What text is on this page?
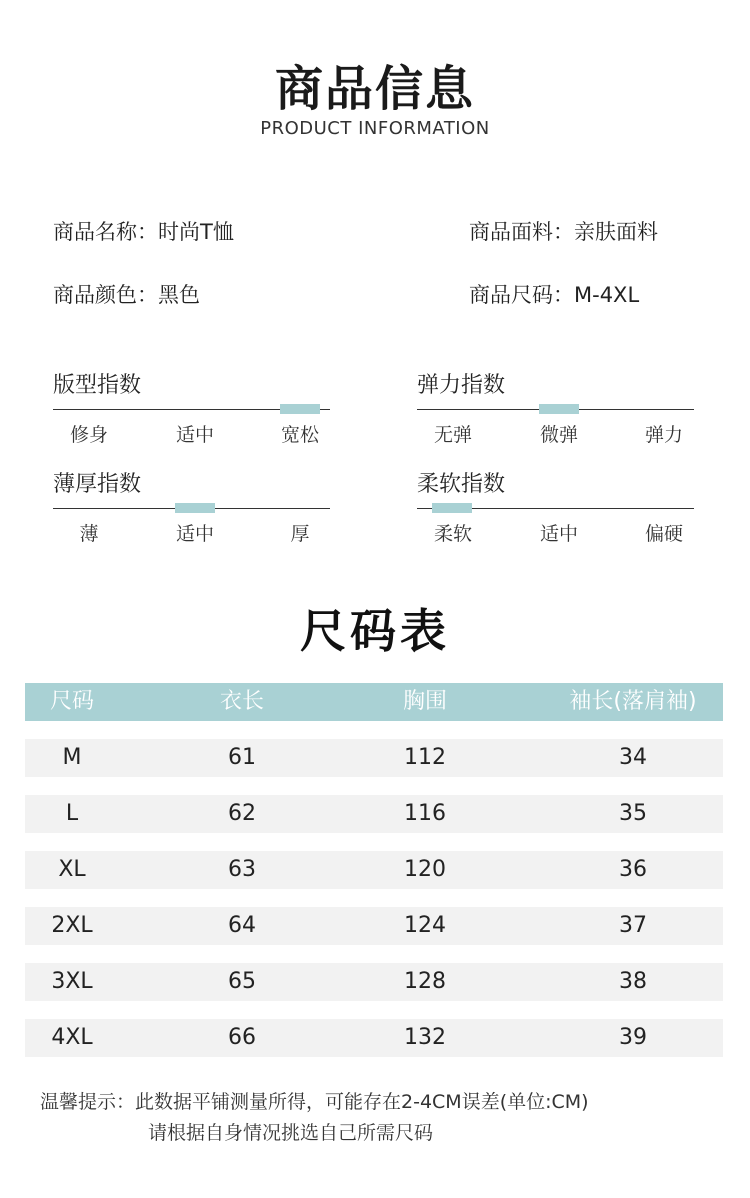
商品信息
PRODUCT INFORMATION
商品名称：时尚T恤	商品面料：亲肤面料
商品颜色：黑色	商品尺码：M-4XL
版型指数
修身	适中	宽松
弹力指数
无弹	微弹	弹力
薄厚指数
薄	适中	厚
柔软指数
柔软	适中	偏硬
尺码表
尺码	衣长	胸围	袖长(落肩袖)
M	61	112	34
L	62	116	35
XL	63	120	36
2XL	64	124	37
3XL	65	128	38
4XL	66	132	39
温馨提示：此数据平铺测量所得，可能存在2-4CM误差(单位:CM)
请根据自身情况挑选自己所需尺码
